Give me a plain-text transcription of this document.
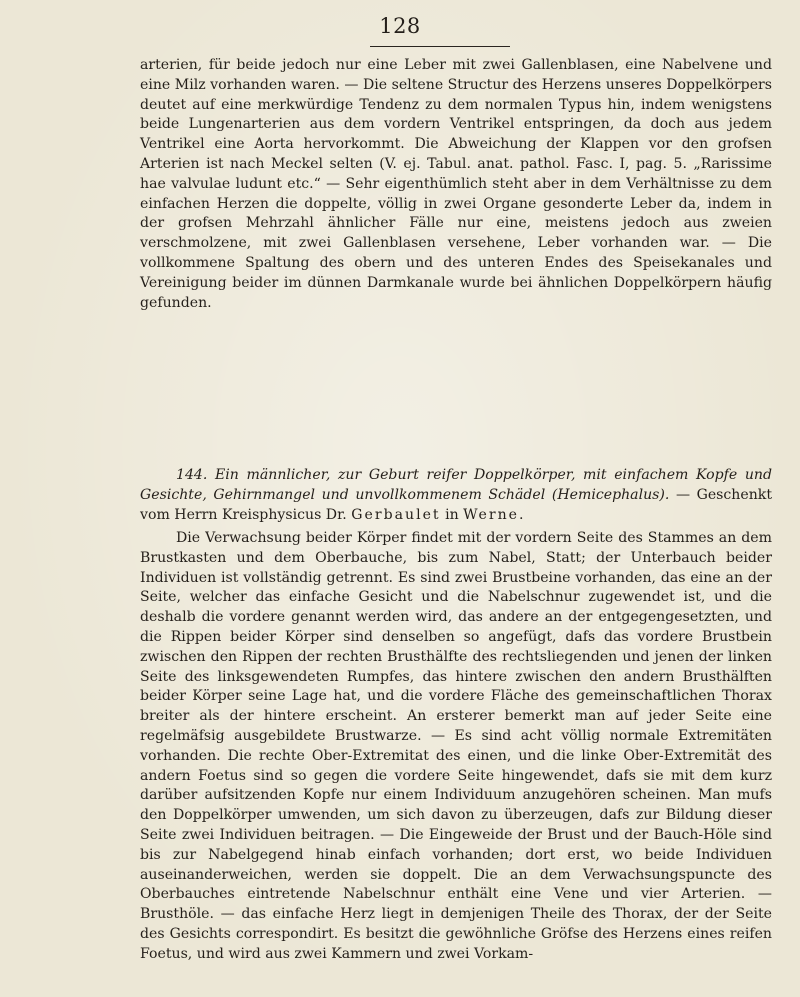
128
arterien, für beide jedoch nur eine Leber mit zwei Gallenblasen, eine Nabelvene und eine Milz vorhanden waren. — Die seltene Structur des Herzens unseres Doppelkörpers deutet auf eine merkwürdige Tendenz zu dem normalen Typus hin, indem wenigstens beide Lungenarterien aus dem vordern Ventrikel entspringen, da doch aus jedem Ventrikel eine Aorta hervorkommt. Die Abweichung der Klappen vor den grofsen Arterien ist nach Meckel selten (V. ej. Tabul. anat. pathol. Fasc. I, pag. 5. „Rarissime hae valvulae ludunt etc.“ — Sehr eigenthümlich steht aber in dem Verhältnisse zu dem einfachen Herzen die doppelte, völlig in zwei Organe gesonderte Leber da, indem in der grofsen Mehrzahl ähnlicher Fälle nur eine, meistens jedoch aus zweien verschmolzene, mit zwei Gallenblasen versehene, Leber vorhanden war. — Die vollkommene Spaltung des obern und des unteren Endes des Speisekanales und Vereinigung beider im dünnen Darmkanale wurde bei ähnlichen Doppelkörpern häufig gefunden.
144. Ein männlicher, zur Geburt reifer Doppelkörper, mit einfachem Kopfe und Gesichte, Gehirnmangel und unvollkommenem Schädel (Hemicephalus). — Geschenkt vom Herrn Kreisphysicus Dr. Gerbaulet in Werne.
Die Verwachsung beider Körper findet mit der vordern Seite des Stammes an dem Brustkasten und dem Oberbauche, bis zum Nabel, Statt; der Unterbauch beider Individuen ist vollständig getrennt. Es sind zwei Brustbeine vorhanden, das eine an der Seite, welcher das einfache Gesicht und die Nabelschnur zugewendet ist, und die deshalb die vordere genannt werden wird, das andere an der entgegengesetzten, und die Rippen beider Körper sind denselben so angefügt, dafs das vordere Brustbein zwischen den Rippen der rechten Brusthälfte des rechtsliegenden und jenen der linken Seite des linksgewendeten Rumpfes, das hintere zwischen den andern Brusthälften beider Körper seine Lage hat, und die vordere Fläche des gemeinschaftlichen Thorax breiter als der hintere erscheint. An ersterer bemerkt man auf jeder Seite eine regelmäfsig ausgebildete Brustwarze. — Es sind acht völlig normale Extremitäten vorhanden. Die rechte Ober-Extremitat des einen, und die linke Ober-Extremität des andern Foetus sind so gegen die vordere Seite hingewendet, dafs sie mit dem kurz darüber aufsitzenden Kopfe nur einem Individuum anzugehören scheinen. Man mufs den Doppelkörper umwenden, um sich davon zu überzeugen, dafs zur Bildung dieser Seite zwei Individuen beitragen. — Die Eingeweide der Brust und der Bauch-Höle sind bis zur Nabelgegend hinab einfach vorhanden; dort erst, wo beide Individuen auseinanderweichen, werden sie doppelt. Die an dem Verwachsungspuncte des Oberbauches eintretende Nabelschnur enthält eine Vene und vier Arterien. — Brusthöle. — das einfache Herz liegt in demjenigen Theile des Thorax, der der Seite des Gesichts correspondirt. Es besitzt die gewöhnliche Gröfse des Herzens eines reifen Foetus, und wird aus zwei Kammern und zwei Vorkam-
